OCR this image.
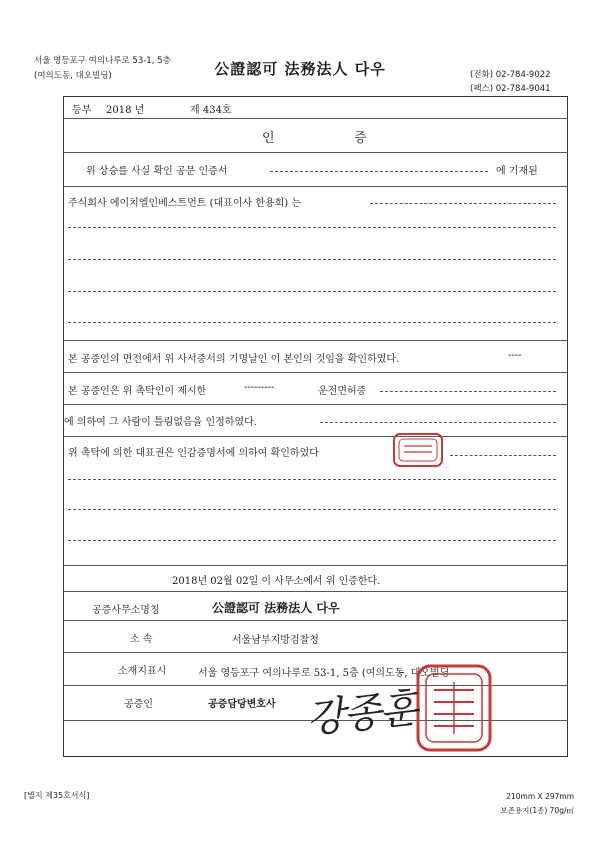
서울 영등포구 여의나루로 53-1, 5층
(여의도동, 대오빌딩)	公證認可 法務法人 다우	(전화) 02-784-9022
(팩스) 02-784-9041
등부 2018 년	제 434호
인	증
위 상승를 사실 확인 공문 인증서	에 기재된
주식회사 에이치엘인베스트먼트 (대표이사 한용희) 는
본 공증인의 면전에서 위 사서증서의 기명날인 이 본인의 것임을 확인하였다.	----
본 공증인은 위 촉탁인이 제시한	---------	운전면허증
에 의하여 그 사람이 틀림없음을 인정하였다.
위 촉탁에 의한 대표권은 인감증명서에 의하여 확인하였다
2018년 02월 02일 이 사무소에서 위 인증한다.
공증사무소명칭	公證認可 法務法人 다우
소 속	서울남부지방검찰청
소재지표시	서울 영등포구 여의나루로 53-1, 5층 (여의도동, 대오빌딩
공증인	공증담당변호사 강종훈
[별지 제35호서식]	210mm X 297mm
보존용지(1종) 70g/㎡
